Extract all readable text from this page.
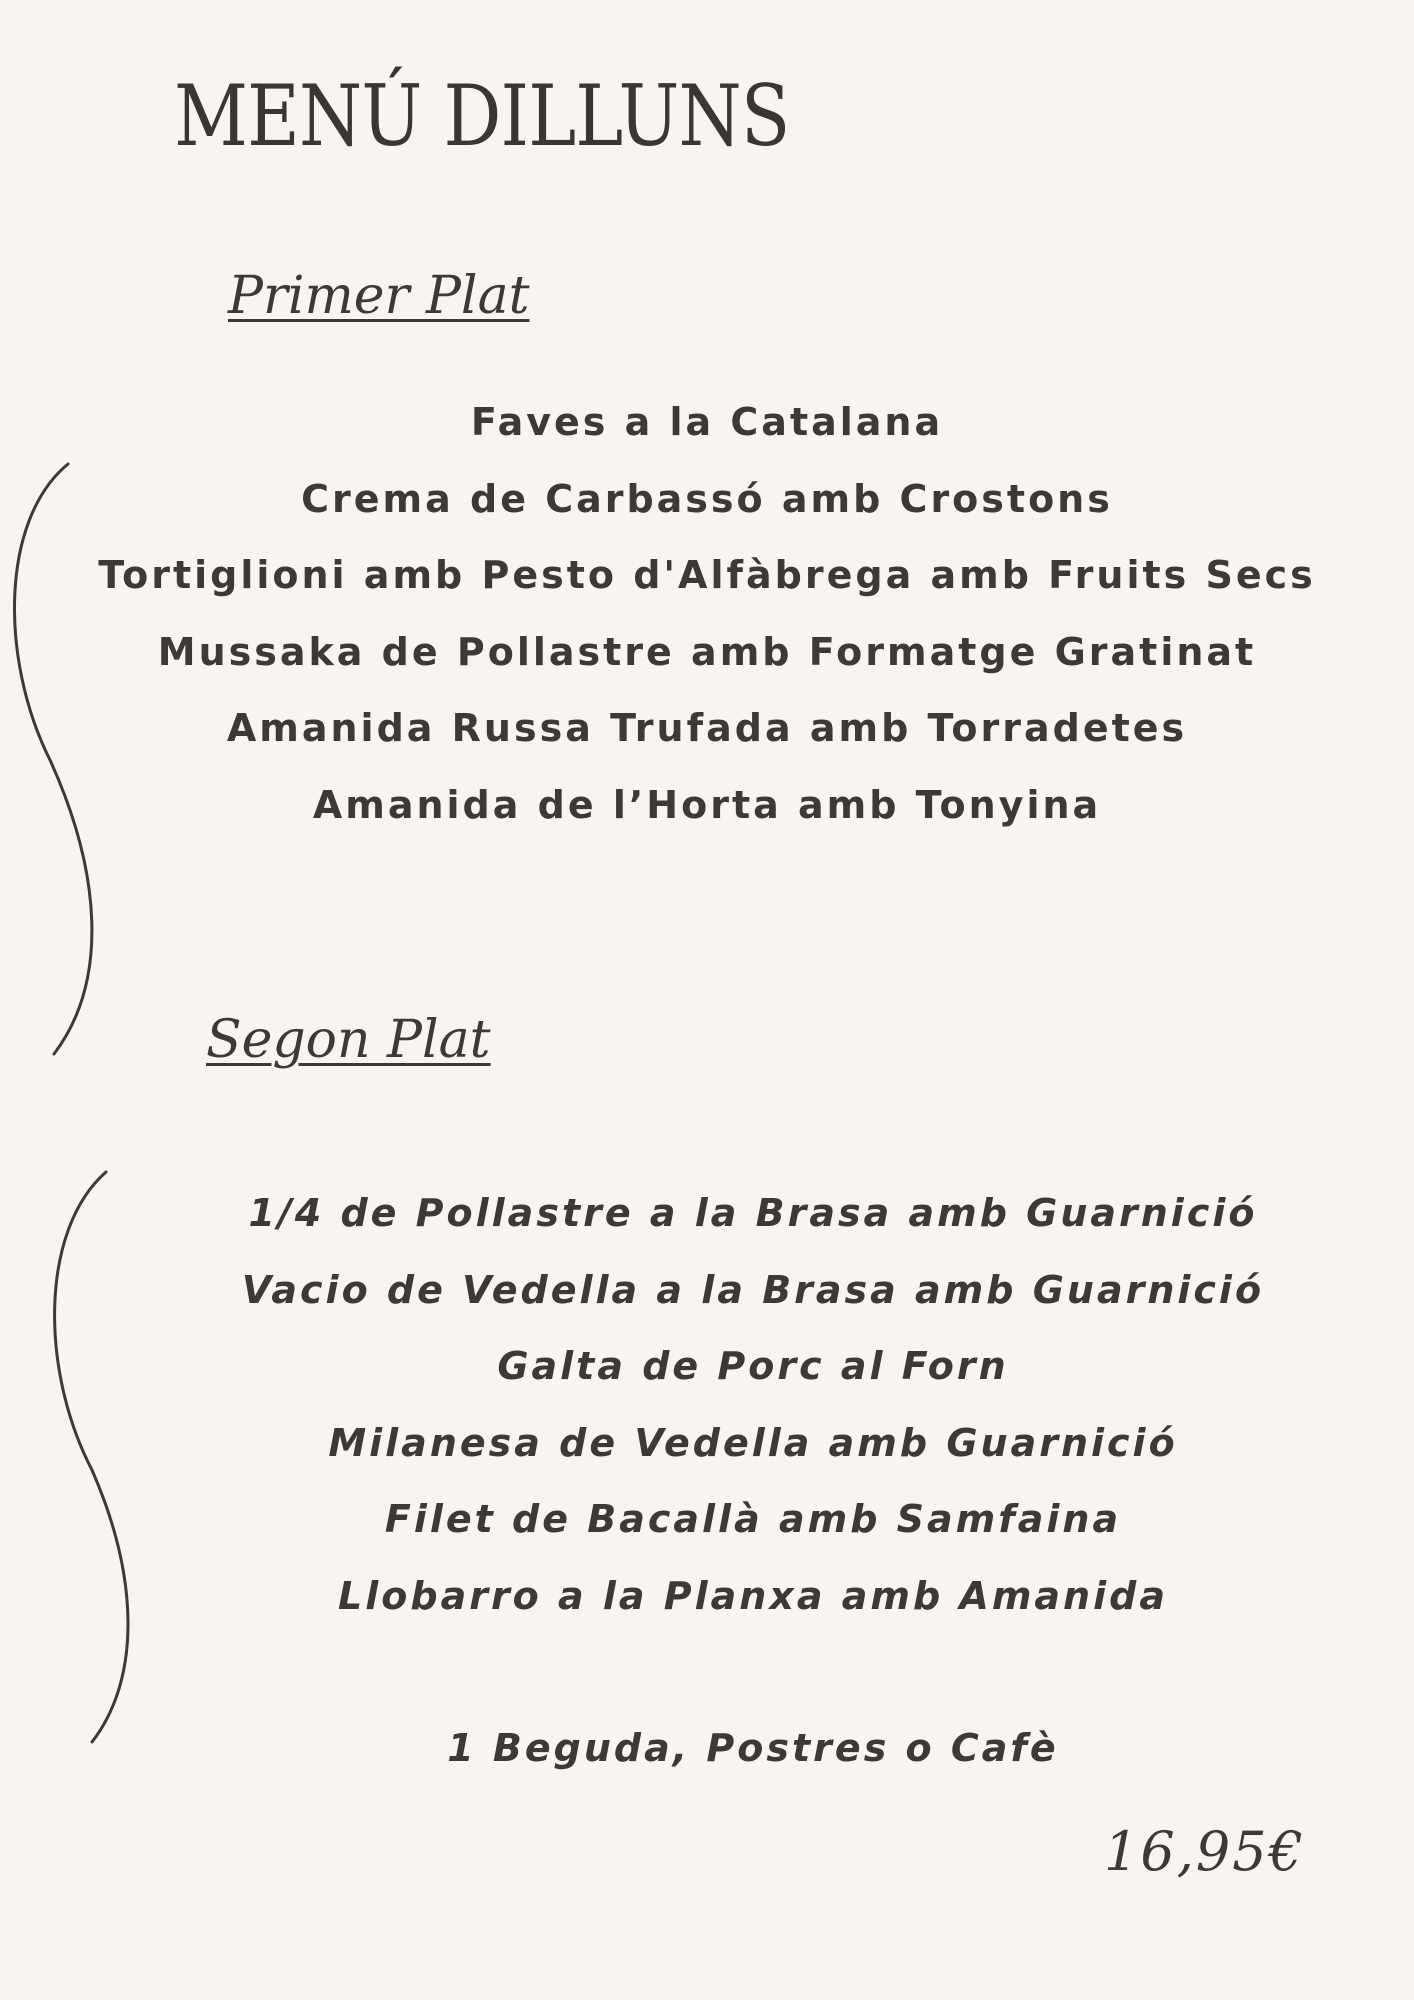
MENÚ DILLUNS
Primer Plat
Faves a la Catalana
Crema de Carbassó amb Crostons
Tortiglioni amb Pesto d'Alfàbrega amb Fruits Secs
Mussaka de Pollastre amb Formatge Gratinat
Amanida Russa Trufada amb Torradetes
Amanida de l’Horta amb Tonyina
Segon Plat
1/4 de Pollastre a la Brasa amb Guarnició
Vacio de Vedella a la Brasa amb Guarnició
Galta de Porc al Forn
Milanesa de Vedella amb Guarnició
Filet de Bacallà amb Samfaina
Llobarro a la Planxa amb Amanida

1 Beguda, Postres o Cafè

16,95€
